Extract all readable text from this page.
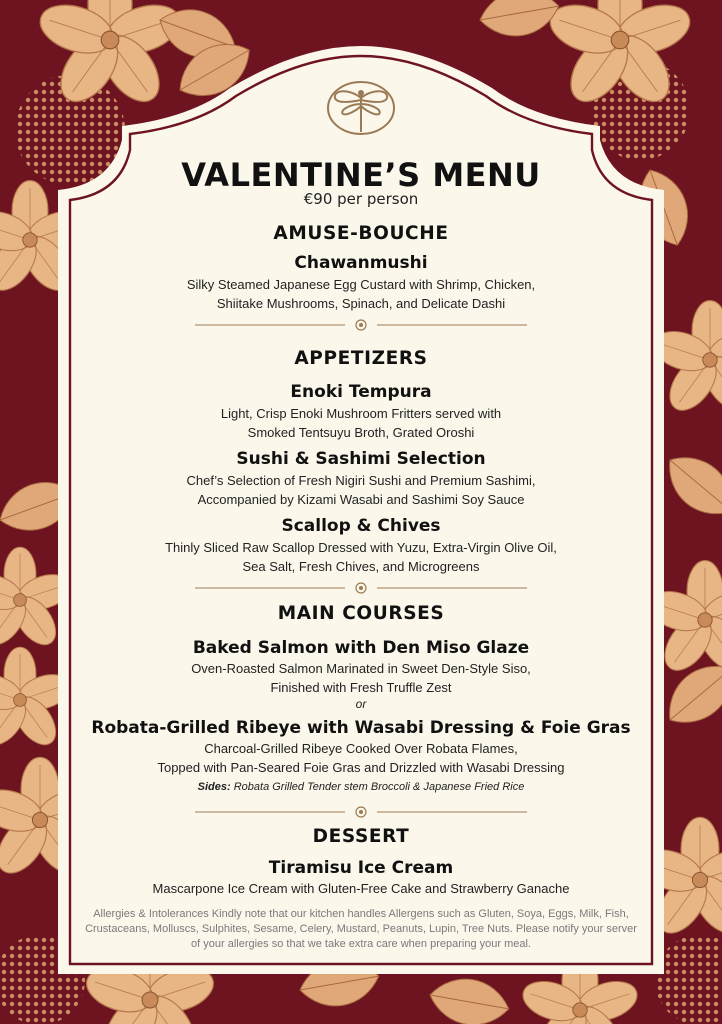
VALENTINE’S MENU
€90 per person
AMUSE-BOUCHE
Chawanmushi
Silky Steamed Japanese Egg Custard with Shrimp, Chicken,
Shiitake Mushrooms, Spinach, and Delicate Dashi
APPETIZERS
Enoki Tempura
Light, Crisp Enoki Mushroom Fritters served with
Smoked Tentsuyu Broth, Grated Oroshi
Sushi & Sashimi Selection
Chef’s Selection of Fresh Nigiri Sushi and Premium Sashimi,
Accompanied by Kizami Wasabi and Sashimi Soy Sauce
Scallop & Chives
Thinly Sliced Raw Scallop Dressed with Yuzu, Extra-Virgin Olive Oil,
Sea Salt, Fresh Chives, and Microgreens
MAIN COURSES
Baked Salmon with Den Miso Glaze
Oven-Roasted Salmon Marinated in Sweet Den-Style Siso,
Finished with Fresh Truffle Zest
or
Robata-Grilled Ribeye with Wasabi Dressing & Foie Gras
Charcoal-Grilled Ribeye Cooked Over Robata Flames,
Topped with Pan-Seared Foie Gras and Drizzled with Wasabi Dressing
Sides: Robata Grilled Tender stem Broccoli & Japanese Fried Rice
DESSERT
Tiramisu Ice Cream
Mascarpone Ice Cream with Gluten-Free Cake and Strawberry Ganache
Allergies & Intolerances Kindly note that our kitchen handles Allergens such as Gluten, Soya, Eggs, Milk, Fish, Crustaceans, Molluscs, Sulphites, Sesame, Celery, Mustard, Peanuts, Lupin, Tree Nuts. Please notify your server of your allergies so that we take extra care when preparing your meal.
